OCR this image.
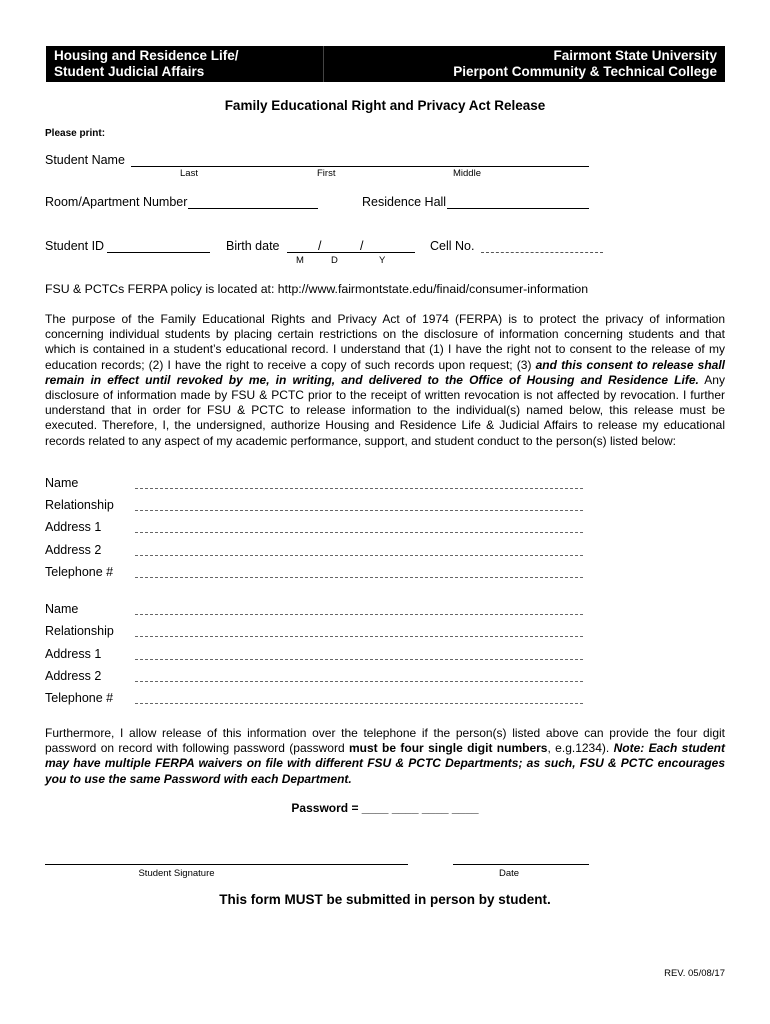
Housing and Residence Life/
Student Judicial Affairs
Fairmont State University
Pierpont Community & Technical College
Family Educational Right and Privacy Act Release
Please print:
Student Name
Last	First	Middle
Room/Apartment Number	Residence Hall
Student ID	Birth date	/	/
M	D	Y
Cell No.
FSU & PCTCs FERPA policy is located at: http://www.fairmontstate.edu/finaid/consumer-information
The purpose of the Family Educational Rights and Privacy Act of 1974 (FERPA) is to protect the privacy of information concerning individual students by placing certain restrictions on the disclosure of information concerning students and that which is contained in a student’s educational record. I understand that (1) I have the right not to consent to the release of my education records; (2) I have the right to receive a copy of such records upon request; (3) and this consent to release shall remain in effect until revoked by me, in writing, and delivered to the Office of Housing and Residence Life. Any disclosure of information made by FSU & PCTC prior to the receipt of written revocation is not affected by revocation. I further understand that in order for FSU & PCTC to release information to the individual(s) named below, this release must be executed. Therefore, I, the undersigned, authorize Housing and Residence Life & Judicial Affairs to release my educational records related to any aspect of my academic performance, support, and student conduct to the person(s) listed below:
Name
Relationship
Address 1
Address 2
Telephone #
Name
Relationship
Address 1
Address 2
Telephone #
Furthermore, I allow release of this information over the telephone if the person(s) listed above can provide the four digit password on record with following password (password must be four single digit numbers, e.g.1234). Note: Each student may have multiple FERPA waivers on file with different FSU & PCTC Departments; as such, FSU & PCTC encourages you to use the same Password with each Department.
Password = ____ ____ ____ ____
Student Signature	Date
This form MUST be submitted in person by student.
REV. 05/08/17
